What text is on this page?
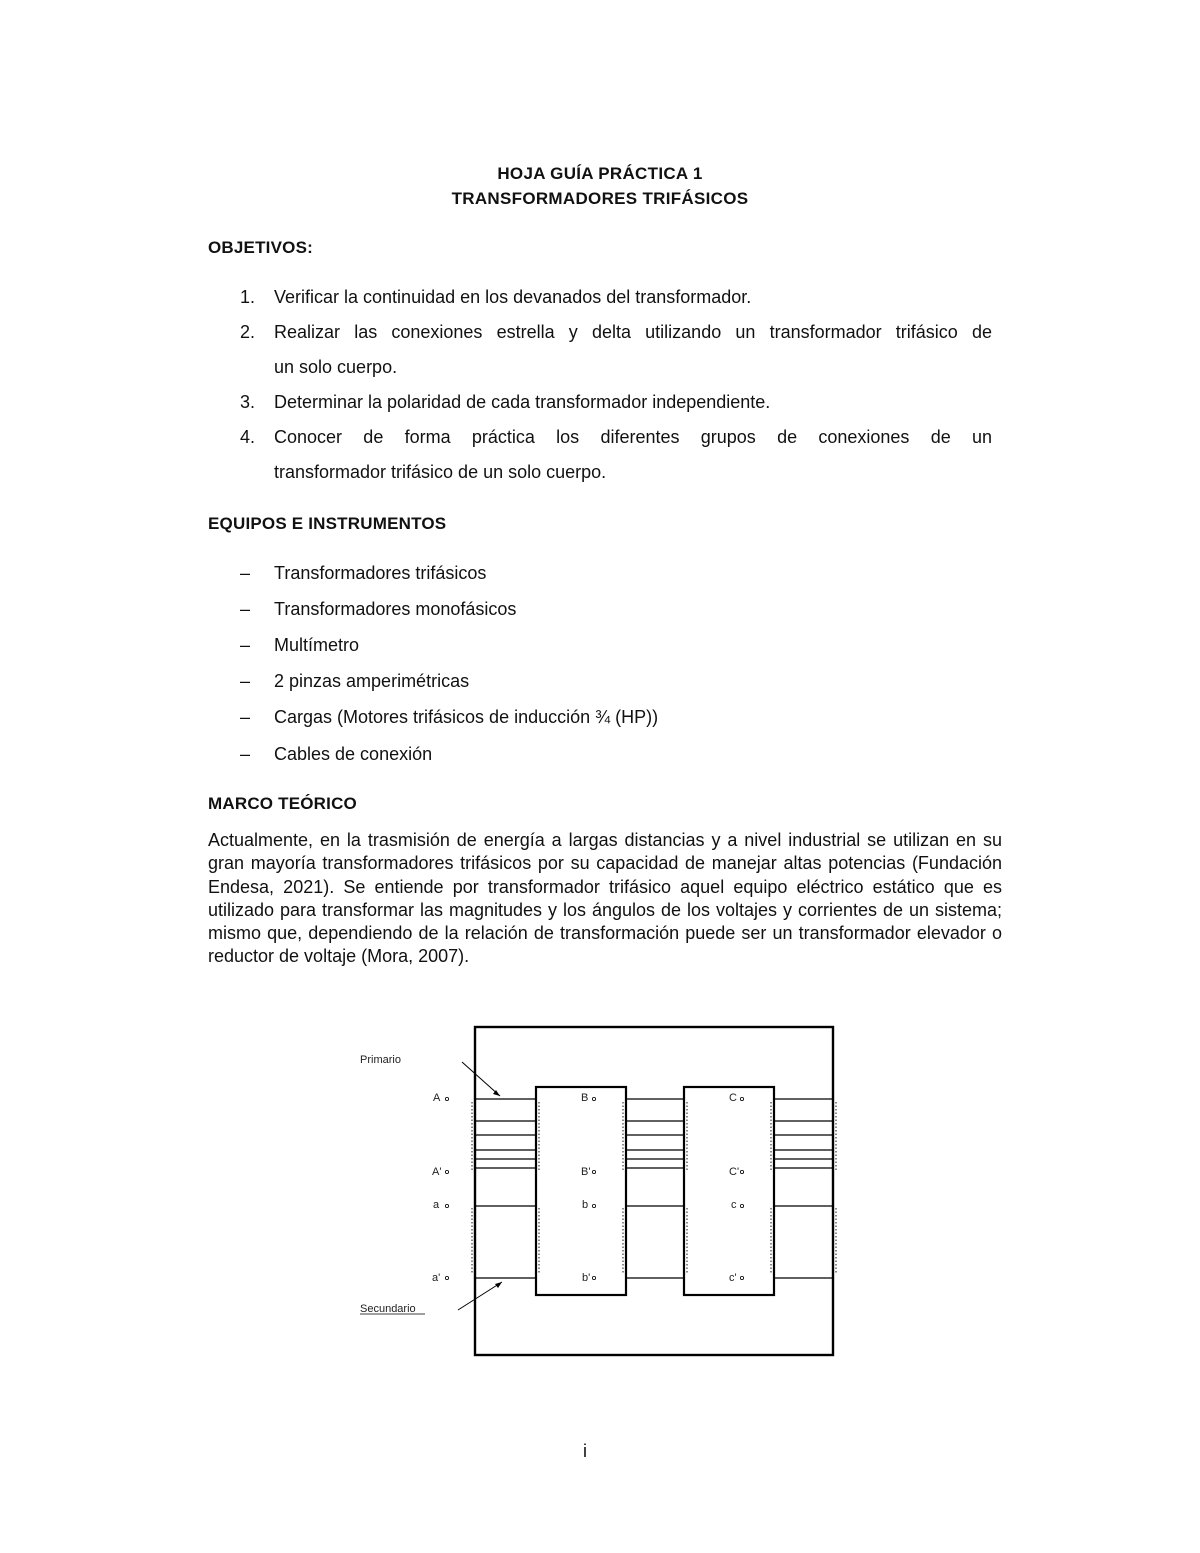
HOJA GUÍA PRÁCTICA 1
TRANSFORMADORES TRIFÁSICOS
OBJETIVOS:
1.	Verificar la continuidad en los devanados del transformador.
2.	Realizar las conexiones estrella y delta utilizando un transformador trifásico de
un solo cuerpo.
3.	Determinar la polaridad de cada transformador independiente.
4.	Conocer de forma práctica los diferentes grupos de conexiones de un
transformador trifásico de un solo cuerpo.
EQUIPOS E INSTRUMENTOS
– Transformadores trifásicos
– Transformadores monofásicos
– Multímetro
– 2 pinzas amperimétricas
– Cargas (Motores trifásicos de inducción ¾ (HP))
– Cables de conexión
MARCO TEÓRICO
Actualmente, en la trasmisión de energía a largas distancias y a nivel industrial se utilizan en su gran mayoría transformadores trifásicos por su capacidad de manejar altas potencias (Fundación Endesa, 2021). Se entiende por transformador trifásico aquel equipo eléctrico estático que es utilizado para transformar las magnitudes y los ángulos de los voltajes y corrientes de un sistema; mismo que, dependiendo de la relación de transformación puede ser un transformador elevador o reductor de voltaje (Mora, 2007).
A
A'
a
a'
B
B'
b
b'
C
C'
c
c'
Primario
Secundario
i
